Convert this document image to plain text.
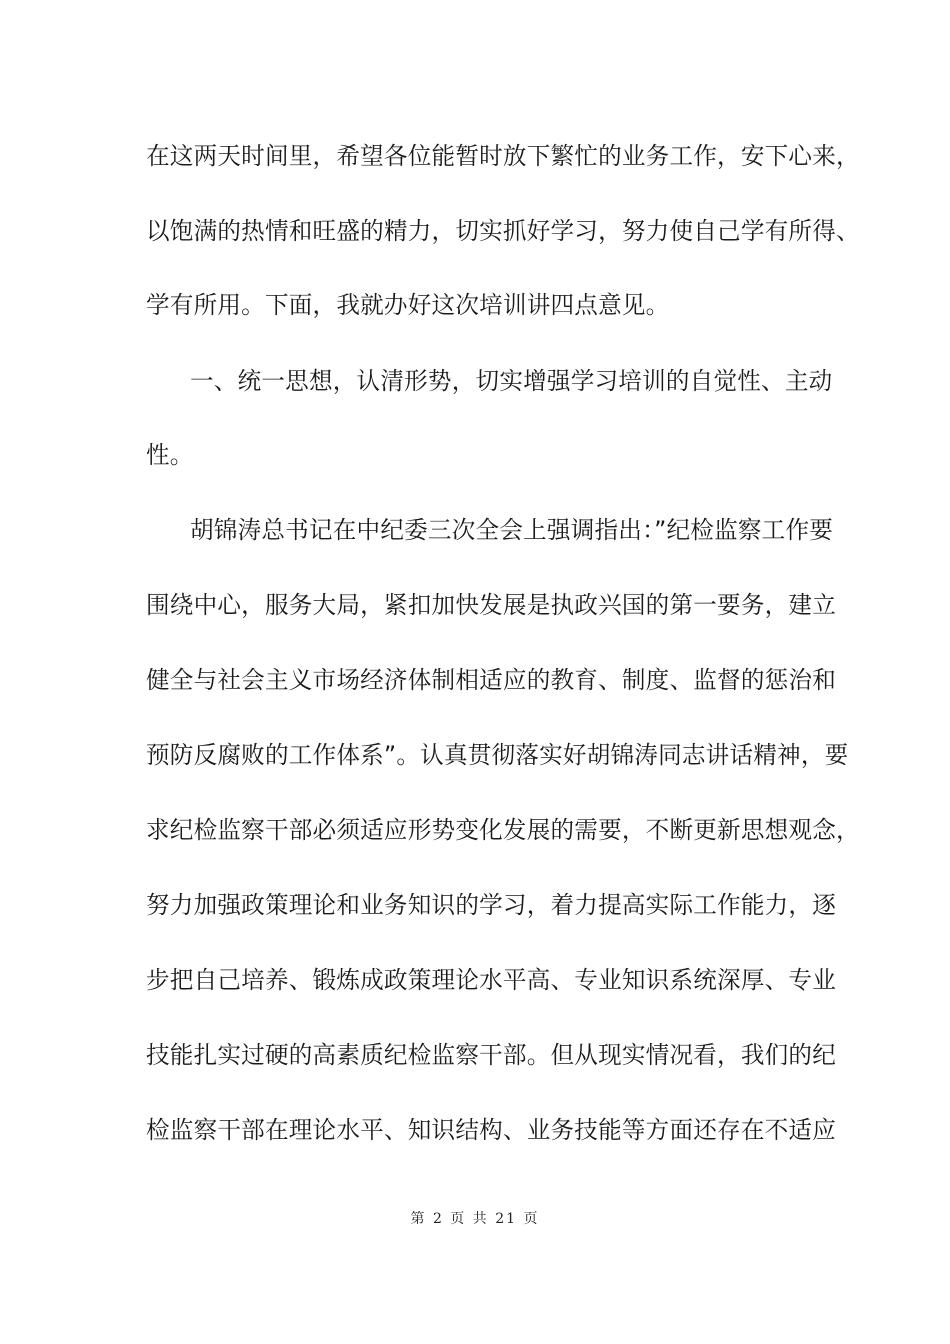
在这两天时间里，希望各位能暂时放下繁忙的业务工作，安下心来，
以饱满的热情和旺盛的精力，切实抓好学习，努力使自己学有所得、
学有所用。下面，我就办好这次培训讲四点意见。
一、统一思想，认清形势，切实增强学习培训的自觉性、主动
性。
胡锦涛总书记在中纪委三次全会上强调指出：”纪检监察工作要
围绕中心，服务大局，紧扣加快发展是执政兴国的第一要务，建立
健全与社会主义市场经济体制相适应的教育、制度、监督的惩治和
预防反腐败的工作体系”。认真贯彻落实好胡锦涛同志讲话精神，要
求纪检监察干部必须适应形势变化发展的需要，不断更新思想观念，
努力加强政策理论和业务知识的学习，着力提高实际工作能力，逐
步把自己培养、锻炼成政策理论水平高、专业知识系统深厚、专业
技能扎实过硬的高素质纪检监察干部。但从现实情况看，我们的纪
检监察干部在理论水平、知识结构、业务技能等方面还存在不适应
第 2 页 共 21 页
